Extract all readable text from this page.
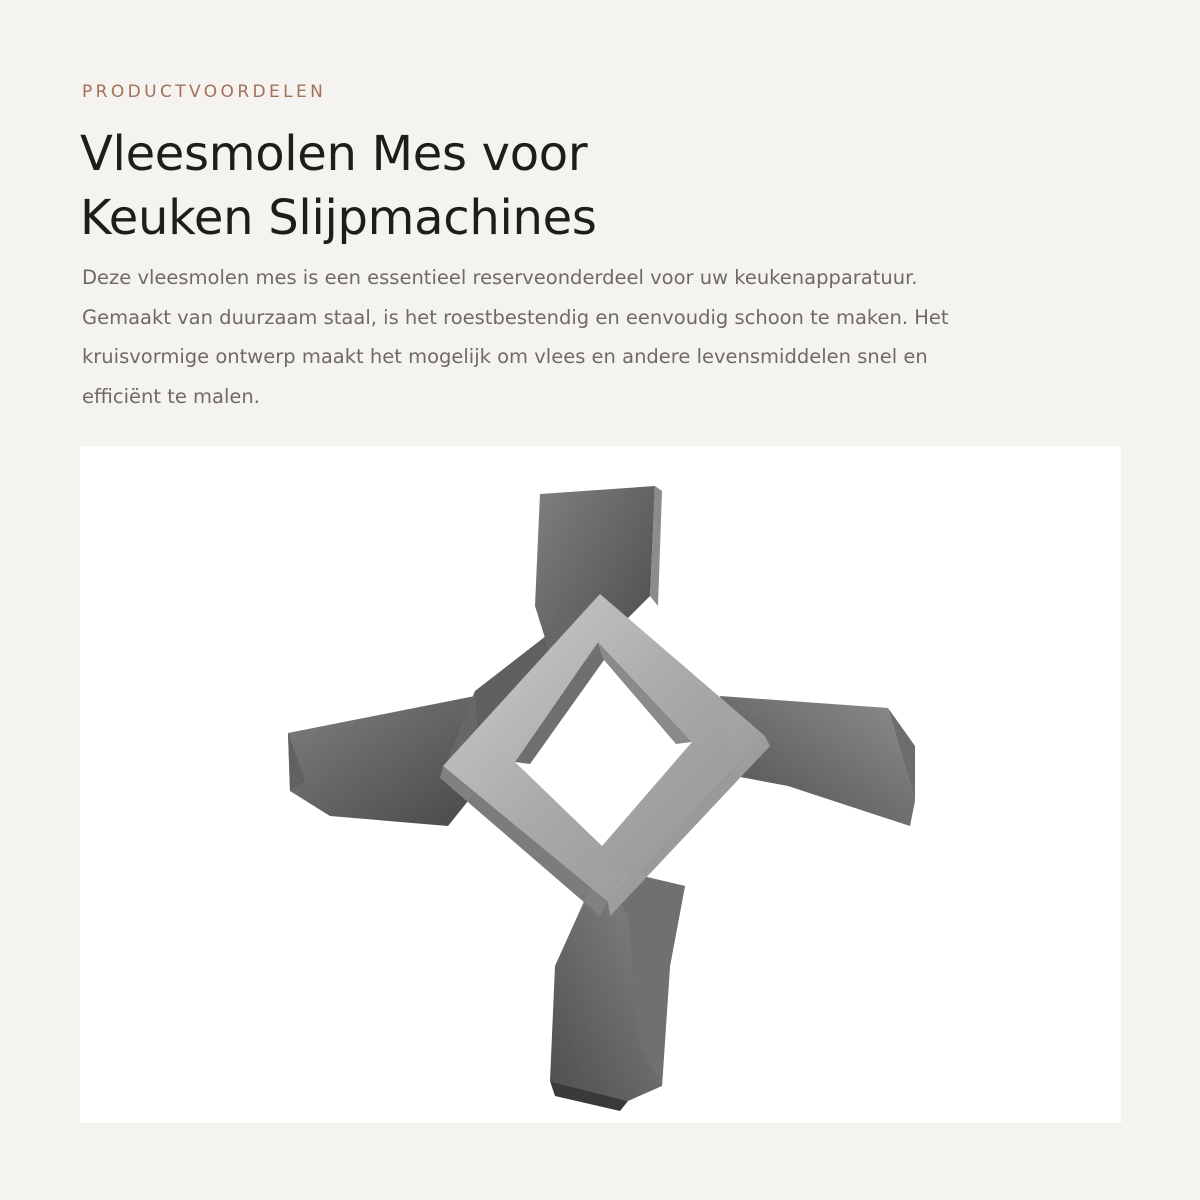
PRODUCTVOORDELEN
Vleesmolen Mes voor
Keuken Slijpmachines

Deze vleesmolen mes is een essentieel reserveonderdeel voor uw keukenapparatuur.
Gemaakt van duurzaam staal, is het roestbestendig en eenvoudig schoon te maken. Het
kruisvormige ontwerp maakt het mogelijk om vlees en andere levensmiddelen snel en
efficiënt te malen.
